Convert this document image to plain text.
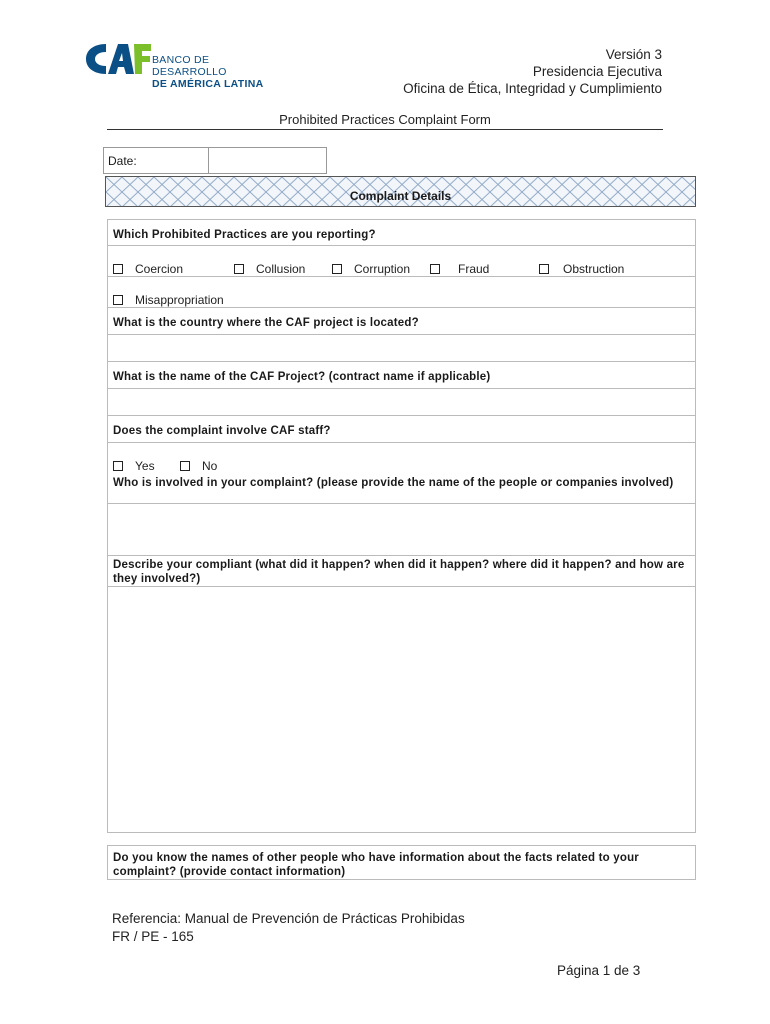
BANCO DE DESARROLLO
DE AMÉRICA LATINA
Versión 3
Presidencia Ejecutiva
Oficina de Ética, Integridad y Cumplimiento
Prohibited Practices Complaint Form
Date:
Complaint Details
Which Prohibited Practices are you reporting?
Coercion	Collusion	Corruption	Fraud	Obstruction
Misappropriation
What is the country where the CAF project is located?
What is the name of the CAF Project? (contract name if applicable)
Does the complaint involve CAF staff?
Yes	No
Who is involved in your complaint? (please provide the name of the people or companies involved)
Describe your compliant (what did it happen? when did it happen? where did it happen? and how are they involved?)
Do you know the names of other people who have information about the facts related to your complaint? (provide contact information)
Referencia: Manual de Prevención de Prácticas Prohibidas
FR / PE - 165
Página 1 de 3
